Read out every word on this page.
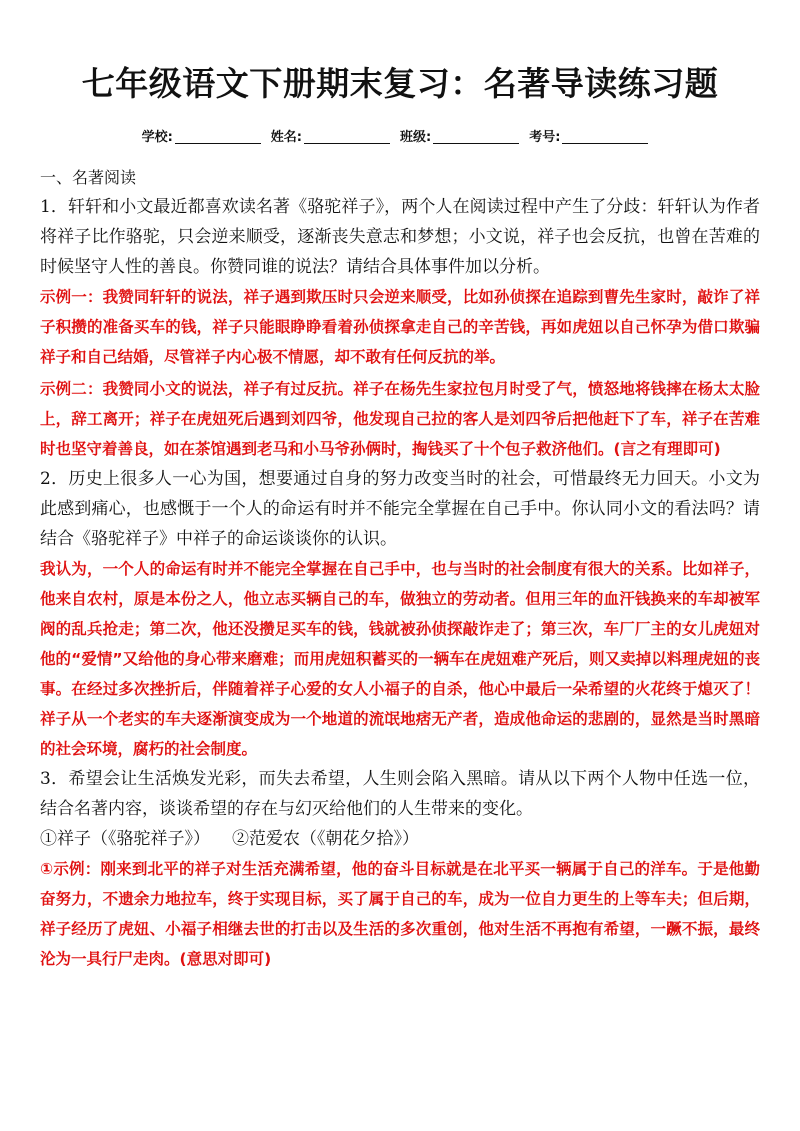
七年级语文下册期末复习：名著导读练习题
学校:	姓名:	班级:	考号:
一、名著阅读

1．轩轩和小文最近都喜欢读名著《骆驼祥子》，两个人在阅读过程中产生了分歧：轩轩认为作者将祥子比作骆驼，只会逆来顺受，逐渐丧失意志和梦想；小文说，祥子也会反抗，也曾在苦难的时候坚守人性的善良。你赞同谁的说法？请结合具体事件加以分析。

示例一：我赞同轩轩的说法，祥子遇到欺压时只会逆来顺受，比如孙侦探在追踪到曹先生家时，敲诈了祥子积攒的准备买车的钱，祥子只能眼睁睁看着孙侦探拿走自己的辛苦钱，再如虎妞以自己怀孕为借口欺骗祥子和自己结婚，尽管祥子内心极不情愿，却不敢有任何反抗的举。

示例二：我赞同小文的说法，祥子有过反抗。祥子在杨先生家拉包月时受了气，愤怒地将钱摔在杨太太脸上，辞工离开；祥子在虎妞死后遇到刘四爷，他发现自己拉的客人是刘四爷后把他赶下了车，祥子在苦难时也坚守着善良，如在茶馆遇到老马和小马爷孙俩时，掏钱买了十个包子救济他们。(言之有理即可)

2．历史上很多人一心为国，想要通过自身的努力改变当时的社会，可惜最终无力回天。小文为此感到痛心，也感慨于一个人的命运有时并不能完全掌握在自己手中。你认同小文的看法吗？请结合《骆驼祥子》中祥子的命运谈谈你的认识。

我认为，一个人的命运有时并不能完全掌握在自己手中，也与当时的社会制度有很大的关系。比如祥子，他来自农村，原是本份之人，他立志买辆自己的车，做独立的劳动者。但用三年的血汗钱换来的车却被军阀的乱兵抢走；第二次，他还没攒足买车的钱，钱就被孙侦探敲诈走了；第三次，车厂厂主的女儿虎妞对他的“爱情”又给他的身心带来磨难；而用虎妞积蓄买的一辆车在虎妞难产死后，则又卖掉以料理虎妞的丧事。在经过多次挫折后，伴随着祥子心爱的女人小福子的自杀，他心中最后一朵希望的火花终于熄灭了！祥子从一个老实的车夫逐渐演变成为一个地道的流氓地痞无产者，造成他命运的悲剧的，显然是当时黑暗的社会环境，腐朽的社会制度。

3．希望会让生活焕发光彩，而失去希望，人生则会陷入黑暗。请从以下两个人物中任选一位，结合名著内容，谈谈希望的存在与幻灭给他们的人生带来的变化。

①祥子（《骆驼祥子》） ②范爱农（《朝花夕拾》）

①示例：刚来到北平的祥子对生活充满希望，他的奋斗目标就是在北平买一辆属于自己的洋车。于是他勤奋努力，不遗余力地拉车，终于实现目标，买了属于自己的车，成为一位自力更生的上等车夫；但后期，祥子经历了虎妞、小福子相继去世的打击以及生活的多次重创，他对生活不再抱有希望，一蹶不振，最终沦为一具行尸走肉。(意思对即可)
